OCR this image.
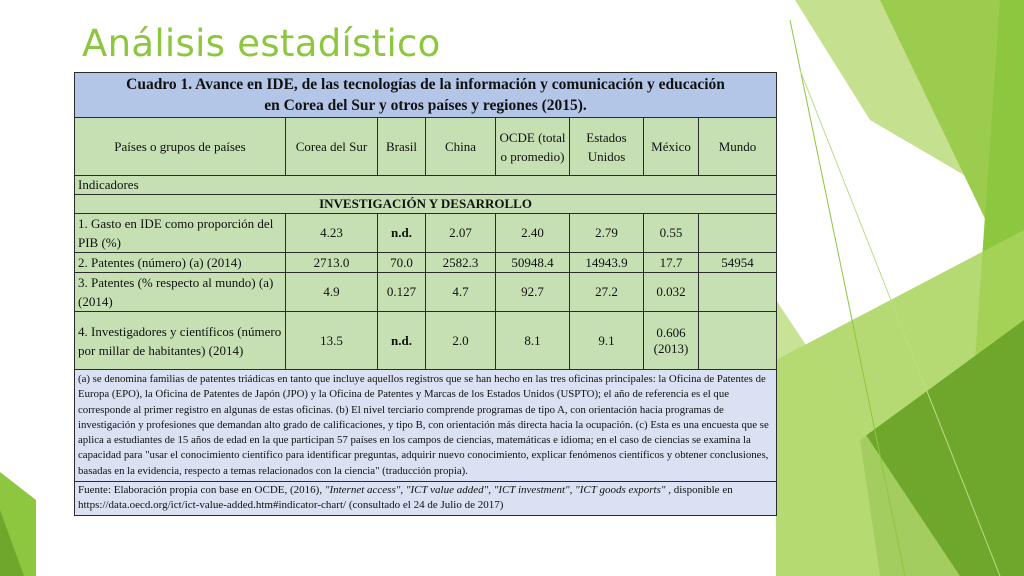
Análisis estadístico
Cuadro 1. Avance en IDE, de las tecnologías de la información y comunicación y educación
en Corea del Sur y otros países y regiones (2015).							
Países o grupos de países	Corea del Sur	Brasil	China	OCDE (total o promedio)	Estados Unidos	México	Mundo
Indicadores							
INVESTIGACIÓN Y DESARROLLO							
1. Gasto en IDE como proporción del PIB (%)	4.23	n.d.	2.07	2.40	2.79	0.55	
2. Patentes (número) (a) (2014)	2713.0	70.0	2582.3	50948.4	14943.9	17.7	54954
3. Patentes (% respecto al mundo) (a) (2014)	4.9	0.127	4.7	92.7	27.2	0.032	
4. Investigadores y científicos (número por millar de habitantes) (2014)	13.5	n.d.	2.0	8.1	9.1	0.606 (2013)	
(a) se denomina familias de patentes triádicas en tanto que incluye aquellos registros que se han hecho en las tres oficinas principales: la Oficina de Patentes de Europa (EPO), la Oficina de Patentes de Japón (JPO) y la Oficina de Patentes y Marcas de los Estados Unidos (USPTO); el año de referencia es el que corresponde al primer registro en algunas de estas oficinas. (b) El nivel terciario comprende programas de tipo A, con orientación hacia programas de investigación y profesiones que demandan alto grado de calificaciones, y tipo B, con orientación más directa hacia la ocupación. (c) Esta es una encuesta que se aplica a estudiantes de 15 años de edad en la que participan 57 países en los campos de ciencias, matemáticas e idioma; en el caso de ciencias se examina la capacidad para "usar el conocimiento científico para identificar preguntas, adquirir nuevo conocimiento, explicar fenómenos científicos y obtener conclusiones, basadas en la evidencia, respecto a temas relacionados con la ciencia" (traducción propia).							
Fuente: Elaboración propia con base en OCDE, (2016), "Internet access", "ICT value added", "ICT investment", "ICT goods exports" , disponible en https://data.oecd.org/ict/ict-value-added.htm#indicator-chart/ (consultado el 24 de Julio de 2017)							
